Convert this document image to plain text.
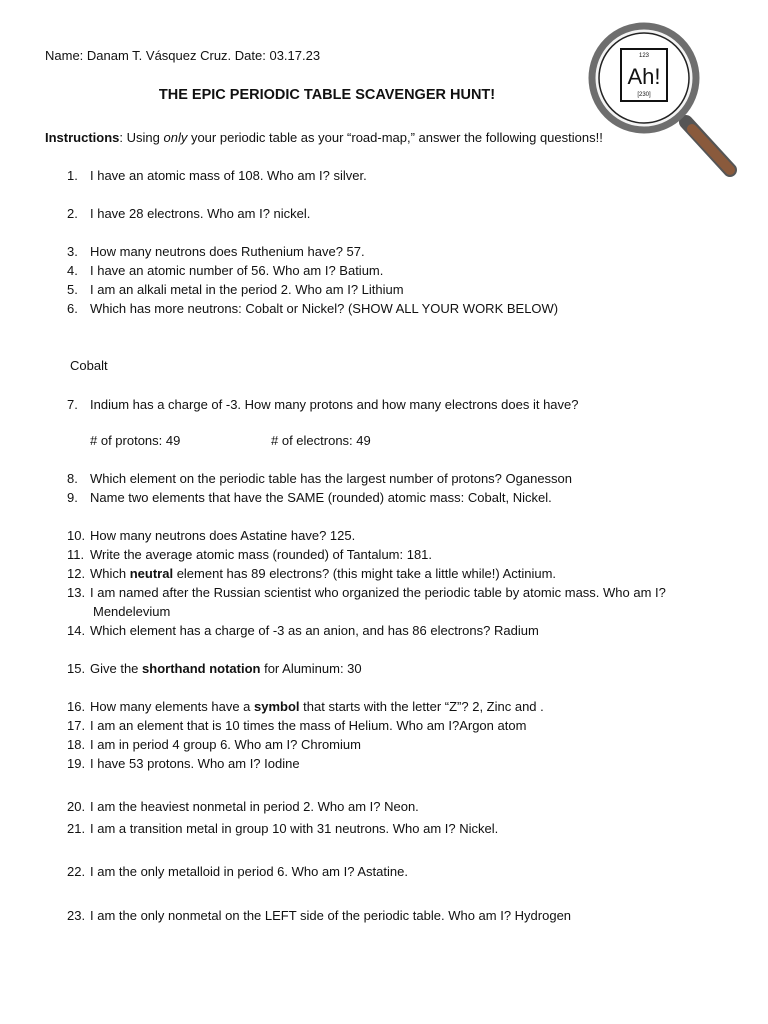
Name: Danam T. Vásquez Cruz. Date: 03.17.23
THE EPIC PERIODIC TABLE SCAVENGER HUNT!
Instructions: Using only your periodic table as your “road-map,” answer the following questions!!
123
Ah!
[230]
1. I have an atomic mass of 108. Who am I? silver.
2. I have 28 electrons. Who am I? nickel.
3. How many neutrons does Ruthenium have? 57.
4. I have an atomic number of 56. Who am I? Batium.
5. I am an alkali metal in the period 2. Who am I? Lithium
6. Which has more neutrons: Cobalt or Nickel? (SHOW ALL YOUR WORK BELOW)
Cobalt
7. Indium has a charge of -3. How many protons and how many electrons does it have?
# of protons: 49	# of electrons: 49
8. Which element on the periodic table has the largest number of protons? Oganesson
9. Name two elements that have the SAME (rounded) atomic mass: Cobalt, Nickel.
10. How many neutrons does Astatine have? 125.
11. Write the average atomic mass (rounded) of Tantalum: 181.
12. Which neutral element has 89 electrons? (this might take a little while!) Actinium.
13. I am named after the Russian scientist who organized the periodic table by atomic mass. Who am I?
Mendelevium
14. Which element has a charge of -3 as an anion, and has 86 electrons? Radium
15. Give the shorthand notation for Aluminum: 30
16. How many elements have a symbol that starts with the letter “Z”? 2, Zinc and .
17. I am an element that is 10 times the mass of Helium. Who am I?Argon atom
18. I am in period 4 group 6. Who am I? Chromium
19. I have 53 protons. Who am I? Iodine
20. I am the heaviest nonmetal in period 2. Who am I? Neon.
21. I am a transition metal in group 10 with 31 neutrons. Who am I? Nickel.
22. I am the only metalloid in period 6. Who am I? Astatine.
23. I am the only nonmetal on the LEFT side of the periodic table. Who am I? Hydrogen
